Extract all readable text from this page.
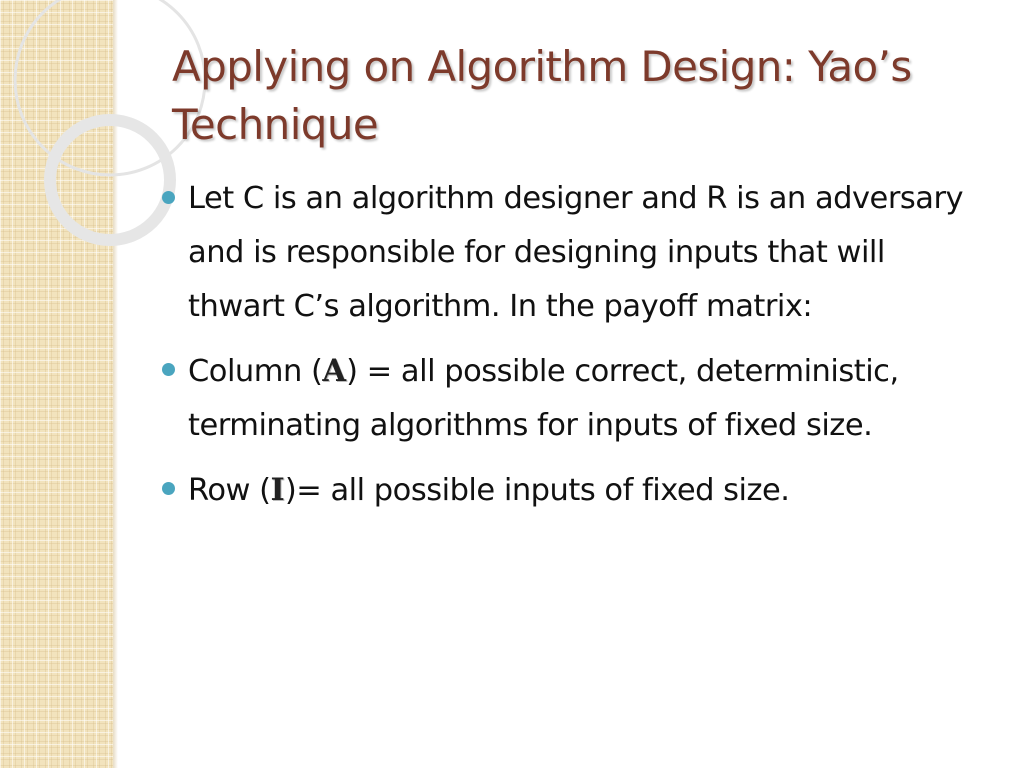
Applying on Algorithm Design: Yao’s
Technique
Let C is an algorithm designer and R is an adversary and is responsible for designing inputs that will thwart C’s algorithm. In the payoff matrix:
Column (A) = all possible correct, deterministic, terminating algorithms for inputs of fixed size.
Row (I)= all possible inputs of fixed size.
